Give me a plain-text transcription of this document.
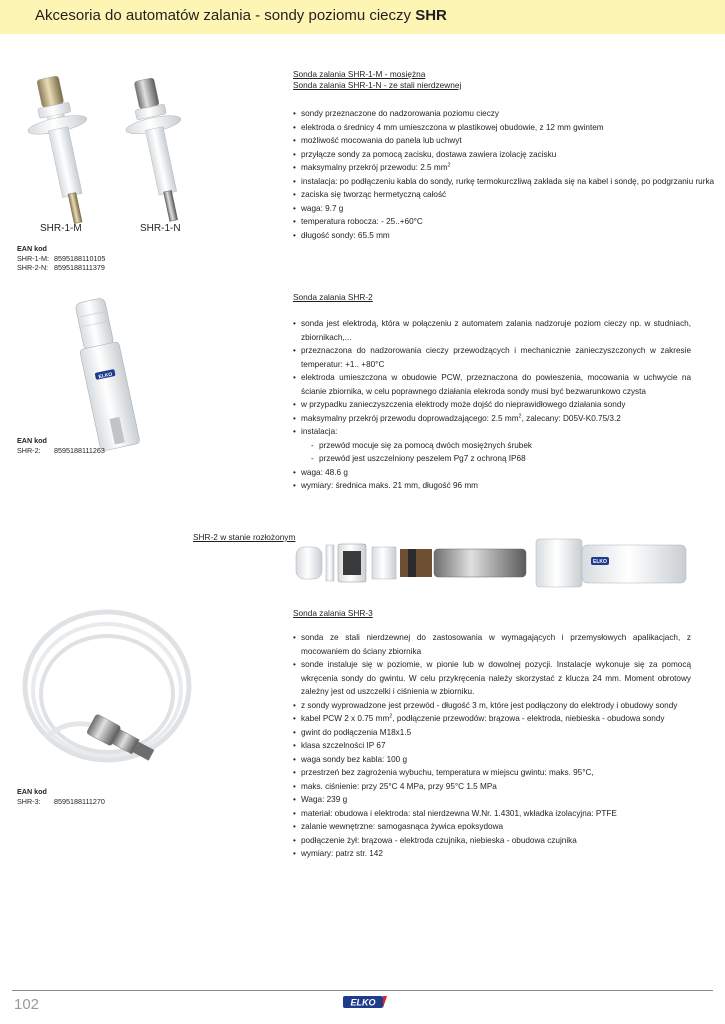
Akcesoria do automatów zalania - sondy poziomu cieczy SHR
SHR-1-M	SHR-1-N
Sonda zalania SHR-1-M - mosiężna
Sonda zalania SHR-1-N - ze stali nierdzewnej
• sondy przeznaczone do nadzorowania poziomu cieczy
• elektroda o średnicy 4 mm umieszczona w plastikowej obudowie, z 12 mm gwintem
• możliwość mocowania do panela lub uchwyt
• przyłącze sondy za pomocą zacisku, dostawa zawiera izolację zacisku
• maksymalny przekrój przewodu: 2.5 $mm^2$
• instalacja: po podłączeniu kabla do sondy, rurkę termokurczliwą zakłada się na kabel i sondę, po podgrzaniu rurka
• zaciska się tworząc hermetyczną całość
• waga: 9.7 g
• temperatura robocza: - 25..+60°C
• długość sondy: 65.5 mm
EAN kod
SHR-1-M: 8595188110105
SHR-2-N: 8595188111379
ELKO
Sonda zalania SHR-2
• sonda jest elektrodą, która w połączeniu z automatem zalania nadzoruje poziom cieczy np. w studniach, zbiornikach,...
• przeznaczona do nadzorowania cieczy przewodzących i mechanicznie zanieczyszczonych w zakresie temperatur: +1.. +80°C
• elektroda umieszczona w obudowie PCW, przeznaczona do powieszenia, mocowania w uchwycie na ścianie zbiornika, w celu poprawnego działania elekroda sondy musi być bezwarunkowo czysta
• w przypadku zanieczyszczenia elektrody może dojść do nieprawidłowego działania sondy
• maksymalny przekrój przewodu doprowadzającego: 2.5 $mm^2$, zalecany: D05V-K0.75/3.2
• instalacja:
- przewód mocuje się za pomocą dwóch mosiężnych śrubek
- przewód jest uszczelniony peszelem Pg7 z ochroną IP68
• waga: 48.6 g
• wymiary: średnica maks. 21 mm, długość 96 mm
EAN kod
SHR-2: 8595188111263
SHR-2 w stanie rozłożonym
ELKO
Sonda zalania SHR-3
• sonda ze stali nierdzewnej do zastosowania w wymagających i przemysłowych apalikacjach, z mocowaniem do ściany zbiornika
• sonde instaluje się w poziomie, w pionie lub w dowolnej pozycji. Instalacje wykonuje się za pomocą wkręcenia sondy do gwintu. W celu przykręcenia należy skorzystać z klucza 24 mm. Moment obrotowy zależny jest od uszczelki i ciśnienia w zbiorniku.
• z sondy wyprowadzone jest przewód - długość 3 m, które jest podłączony do elektrody i obudowy sondy
• kabel PCW 2 x 0.75 $mm^2$, podłączenie przewodów: brązowa - elektroda, niebieska - obudowa sondy
• gwint do podłączenia M18x1.5
• klasa szczelności IP 67
• waga sondy bez kabla: 100 g
• przestrzeń bez zagrożenia wybuchu, temperatura w miejscu gwintu: maks. 95°C,
• maks. ciśnienie: przy 25°C 4 MPa, przy 95°C 1.5 MPa
• Waga: 239 g
• materiał: obudowa i elektroda: stal nierdzewna W.Nr. 1.4301, wkładka izolacyjna: PTFE
• zalanie wewnętrzne: samogasnąca żywica epoksydowa
• podłączenie żył: brązowa - elektroda czujnika, niebieska - obudowa czujnika
• wymiary: patrz str. 142
EAN kod
SHR-3: 8595188111270
102	ELKO
